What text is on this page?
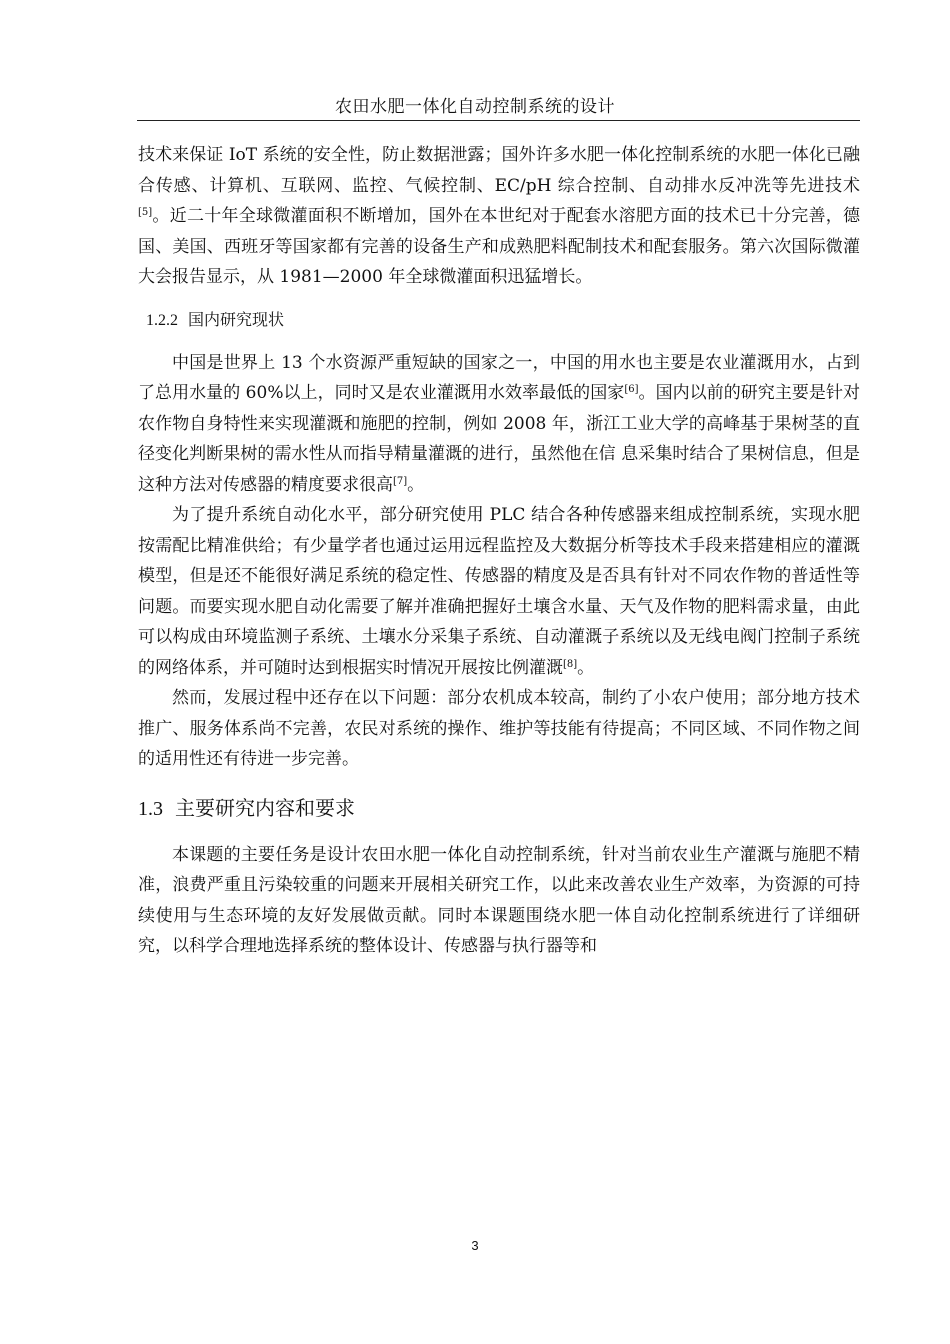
农田水肥一体化自动控制系统的设计

技术来保证 IoT 系统的安全性，防止数据泄露；国外许多水肥一体化控制系统的水肥一体化已融合传感、计算机、互联网、监控、气候控制、EC/pH 综合控制、自动排水反冲洗等先进技术[5]。近二十年全球微灌面积不断增加，国外在本世纪对于配套水溶肥方面的技术已十分完善，德国、美国、西班牙等国家都有完善的设备生产和成熟肥料配制技术和配套服务。第六次国际微灌大会报告显示，从 1981—2000 年全球微灌面积迅猛增长。

1.2.2 国内研究现状

中国是世界上 13 个水资源严重短缺的国家之一，中国的用水也主要是农业灌溉用水，占到了总用水量的 60%以上，同时又是农业灌溉用水效率最低的国家[6]。国内以前的研究主要是针对农作物自身特性来实现灌溉和施肥的控制，例如 2008 年，浙江工业大学的高峰基于果树茎的直径变化判断果树的需水性从而指导精量灌溉的进行，虽然他在信 息采集时结合了果树信息，但是这种方法对传感器的精度要求很高[7]。

为了提升系统自动化水平，部分研究使用 PLC 结合各种传感器来组成控制系统，实现水肥按需配比精准供给；有少量学者也通过运用远程监控及大数据分析等技术手段来搭建相应的灌溉模型，但是还不能很好满足系统的稳定性、传感器的精度及是否具有针对不同农作物的普适性等问题。而要实现水肥自动化需要了解并准确把握好土壤含水量、天气及作物的肥料需求量，由此可以构成由环境监测子系统、土壤水分采集子系统、自动灌溉子系统以及无线电阀门控制子系统的网络体系，并可随时达到根据实时情况开展按比例灌溉[8]。

然而，发展过程中还存在以下问题：部分农机成本较高，制约了小农户使用；部分地方技术推广、服务体系尚不完善，农民对系统的操作、维护等技能有待提高；不同区域、不同作物之间的适用性还有待进一步完善。

1.3 主要研究内容和要求

本课题的主要任务是设计农田水肥一体化自动控制系统，针对当前农业生产灌溉与施肥不精准，浪费严重且污染较重的问题来开展相关研究工作，以此来改善农业生产效率，为资源的可持续使用与生态环境的友好发展做贡献。同时本课题围绕水肥一体自动化控制系统进行了详细研究，以科学合理地选择系统的整体设计、传感器与执行器等和

3
